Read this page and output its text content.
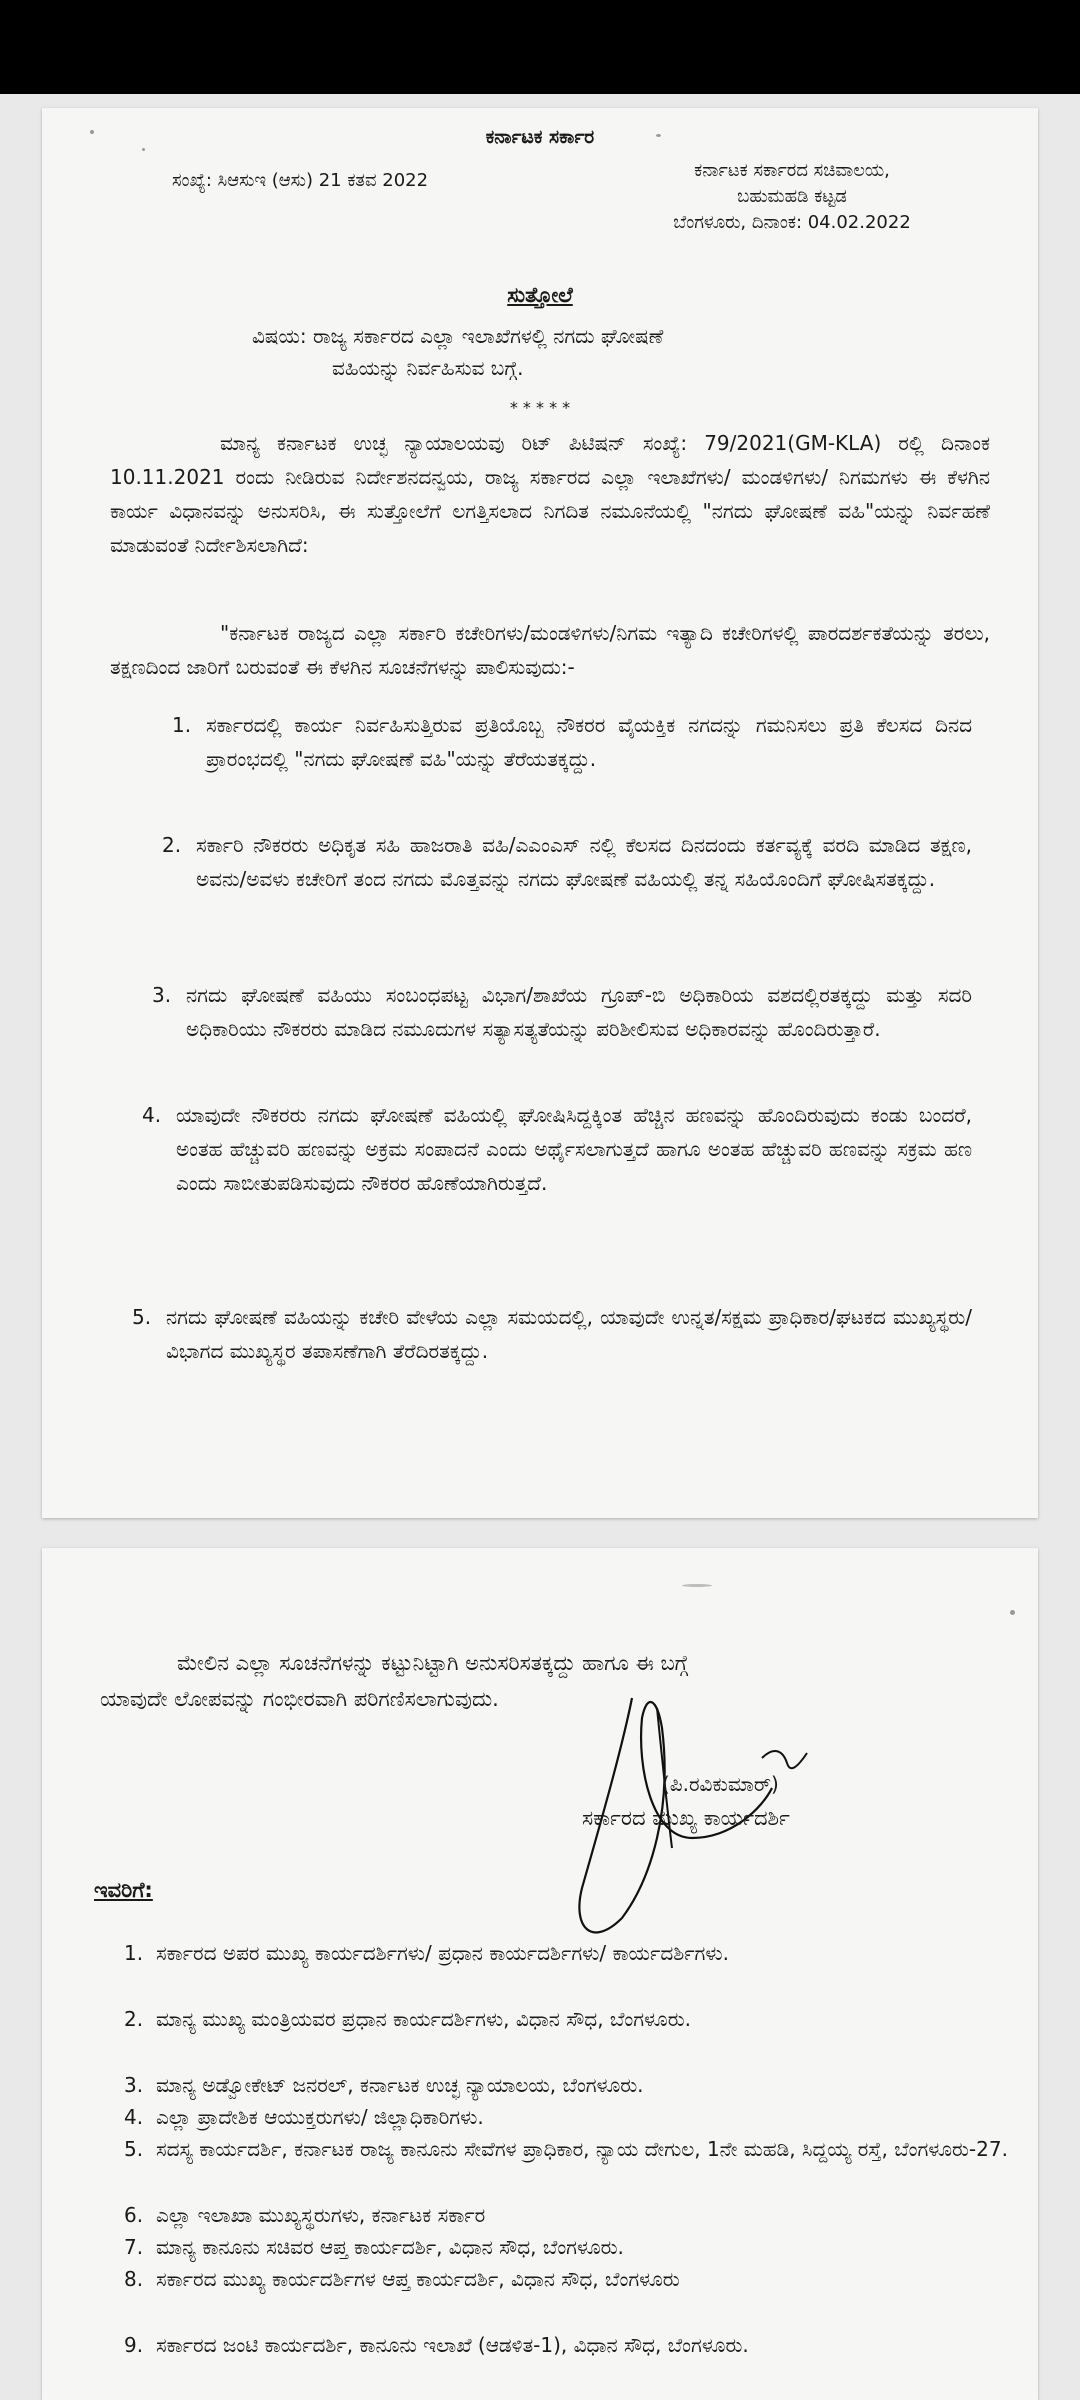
ಕರ್ನಾಟಕ ಸರ್ಕಾರ
ಸಂಖ್ಯೆ: ಸಿಆಸುಇ (ಆಸು) 21 ಕತವ 2022	ಕರ್ನಾಟಕ ಸರ್ಕಾರದ ಸಚಿವಾಲಯ,
ಬಹುಮಹಡಿ ಕಟ್ಟಡ
ಬೆಂಗಳೂರು, ದಿನಾಂಕ: 04.02.2022
ಸುತ್ತೋಲೆ
ವಿಷಯ: ರಾಜ್ಯ ಸರ್ಕಾರದ ಎಲ್ಲಾ ಇಲಾಖೆಗಳಲ್ಲಿ ನಗದು ಘೋಷಣೆ
ವಹಿಯನ್ನು ನಿರ್ವಹಿಸುವ ಬಗ್ಗೆ.
* * * * *
ಮಾನ್ಯ ಕರ್ನಾಟಕ ಉಚ್ಛ ನ್ಯಾಯಾಲಯವು ರಿಟ್ ಪಿಟಿಷನ್ ಸಂಖ್ಯೆ: 79/2021(GM-KLA) ರಲ್ಲಿ ದಿನಾಂಕ 10.11.2021 ರಂದು ನೀಡಿರುವ ನಿರ್ದೇಶನದನ್ವಯ, ರಾಜ್ಯ ಸರ್ಕಾರದ ಎಲ್ಲಾ ಇಲಾಖೆಗಳು/ ಮಂಡಳಿಗಳು/ ನಿಗಮಗಳು ಈ ಕೆಳಗಿನ ಕಾರ್ಯ ವಿಧಾನವನ್ನು ಅನುಸರಿಸಿ, ಈ ಸುತ್ತೋಲೆಗೆ ಲಗತ್ತಿಸಲಾದ ನಿಗದಿತ ನಮೂನೆಯಲ್ಲಿ "ನಗದು ಘೋಷಣೆ ವಹಿ"ಯನ್ನು ನಿರ್ವಹಣೆ ಮಾಡುವಂತೆ ನಿರ್ದೇಶಿಸಲಾಗಿದೆ:
"ಕರ್ನಾಟಕ ರಾಜ್ಯದ ಎಲ್ಲಾ ಸರ್ಕಾರಿ ಕಚೇರಿಗಳು/ಮಂಡಳಿಗಳು/ನಿಗಮ ಇತ್ಯಾದಿ ಕಚೇರಿಗಳಲ್ಲಿ ಪಾರದರ್ಶಕತೆಯನ್ನು ತರಲು, ತಕ್ಷಣದಿಂದ ಜಾರಿಗೆ ಬರುವಂತೆ ಈ ಕೆಳಗಿನ ಸೂಚನೆಗಳನ್ನು ಪಾಲಿಸುವುದು:-
1. ಸರ್ಕಾರದಲ್ಲಿ ಕಾರ್ಯ ನಿರ್ವಹಿಸುತ್ತಿರುವ ಪ್ರತಿಯೊಬ್ಬ ನೌಕರರ ವೈಯಕ್ತಿಕ ನಗದನ್ನು ಗಮನಿಸಲು ಪ್ರತಿ ಕೆಲಸದ ದಿನದ ಪ್ರಾರಂಭದಲ್ಲಿ "ನಗದು ಘೋಷಣೆ ವಹಿ"ಯನ್ನು ತೆರೆಯತಕ್ಕದ್ದು.
2. ಸರ್ಕಾರಿ ನೌಕರರು ಅಧಿಕೃತ ಸಹಿ ಹಾಜರಾತಿ ವಹಿ/ಎಎಂಎಸ್ ನಲ್ಲಿ ಕೆಲಸದ ದಿನದಂದು ಕರ್ತವ್ಯಕ್ಕೆ ವರದಿ ಮಾಡಿದ ತಕ್ಷಣ, ಅವನು/ಅವಳು ಕಚೇರಿಗೆ ತಂದ ನಗದು ಮೊತ್ತವನ್ನು ನಗದು ಘೋಷಣೆ ವಹಿಯಲ್ಲಿ ತನ್ನ ಸಹಿಯೊಂದಿಗೆ ಘೋಷಿಸತಕ್ಕದ್ದು.
3. ನಗದು ಘೋಷಣೆ ವಹಿಯು ಸಂಬಂಧಪಟ್ಟ ವಿಭಾಗ/ಶಾಖೆಯ ಗ್ರೂಪ್-ಬಿ ಅಧಿಕಾರಿಯ ವಶದಲ್ಲಿರತಕ್ಕದ್ದು ಮತ್ತು ಸದರಿ ಅಧಿಕಾರಿಯು ನೌಕರರು ಮಾಡಿದ ನಮೂದುಗಳ ಸತ್ಯಾಸತ್ಯತೆಯನ್ನು ಪರಿಶೀಲಿಸುವ ಅಧಿಕಾರವನ್ನು ಹೊಂದಿರುತ್ತಾರೆ.
4. ಯಾವುದೇ ನೌಕರರು ನಗದು ಘೋಷಣೆ ವಹಿಯಲ್ಲಿ ಘೋಷಿಸಿದ್ದಕ್ಕಿಂತ ಹೆಚ್ಚಿನ ಹಣವನ್ನು ಹೊಂದಿರುವುದು ಕಂಡು ಬಂದರೆ, ಅಂತಹ ಹೆಚ್ಚುವರಿ ಹಣವನ್ನು ಅಕ್ರಮ ಸಂಪಾದನೆ ಎಂದು ಅರ್ಥೈಸಲಾಗುತ್ತದೆ ಹಾಗೂ ಅಂತಹ ಹೆಚ್ಚುವರಿ ಹಣವನ್ನು ಸಕ್ರಮ ಹಣ ಎಂದು ಸಾಬೀತುಪಡಿಸುವುದು ನೌಕರರ ಹೊಣೆಯಾಗಿರುತ್ತದೆ.
5. ನಗದು ಘೋಷಣೆ ವಹಿಯನ್ನು ಕಚೇರಿ ವೇಳೆಯ ಎಲ್ಲಾ ಸಮಯದಲ್ಲಿ, ಯಾವುದೇ ಉನ್ನತ/ಸಕ್ಷಮ ಪ್ರಾಧಿಕಾರ/ಘಟಕದ ಮುಖ್ಯಸ್ಥರು/ ವಿಭಾಗದ ಮುಖ್ಯಸ್ಥರ ತಪಾಸಣೆಗಾಗಿ ತೆರೆದಿರತಕ್ಕದ್ದು.
ಮೇಲಿನ ಎಲ್ಲಾ ಸೂಚನೆಗಳನ್ನು ಕಟ್ಟುನಿಟ್ಟಾಗಿ ಅನುಸರಿಸತಕ್ಕದ್ದು ಹಾಗೂ ಈ ಬಗ್ಗೆ
ಯಾವುದೇ ಲೋಪವನ್ನು ಗಂಭೀರವಾಗಿ ಪರಿಗಣಿಸಲಾಗುವುದು.
(ಪಿ.ರವಿಕುಮಾರ್)
ಸರ್ಕಾರದ ಮುಖ್ಯ ಕಾರ್ಯದರ್ಶಿ
ಇವರಿಗೆ:
1. ಸರ್ಕಾರದ ಅಪರ ಮುಖ್ಯ ಕಾರ್ಯದರ್ಶಿಗಳು/ ಪ್ರಧಾನ ಕಾರ್ಯದರ್ಶಿಗಳು/ ಕಾರ್ಯದರ್ಶಿಗಳು.
2. ಮಾನ್ಯ ಮುಖ್ಯ ಮಂತ್ರಿಯವರ ಪ್ರಧಾನ ಕಾರ್ಯದರ್ಶಿಗಳು, ವಿಧಾನ ಸೌಧ, ಬೆಂಗಳೂರು.
3. ಮಾನ್ಯ ಅಡ್ವೋಕೇಟ್ ಜನರಲ್, ಕರ್ನಾಟಕ ಉಚ್ಛ ನ್ಯಾಯಾಲಯ, ಬೆಂಗಳೂರು.
4. ಎಲ್ಲಾ ಪ್ರಾದೇಶಿಕ ಆಯುಕ್ತರುಗಳು/ ಜಿಲ್ಲಾಧಿಕಾರಿಗಳು.
5. ಸದಸ್ಯ ಕಾರ್ಯದರ್ಶಿ, ಕರ್ನಾಟಕ ರಾಜ್ಯ ಕಾನೂನು ಸೇವೆಗಳ ಪ್ರಾಧಿಕಾರ, ನ್ಯಾಯ ದೇಗುಲ, 1ನೇ ಮಹಡಿ, ಸಿದ್ದಯ್ಯ ರಸ್ತೆ, ಬೆಂಗಳೂರು-27.
6. ಎಲ್ಲಾ ಇಲಾಖಾ ಮುಖ್ಯಸ್ಥರುಗಳು, ಕರ್ನಾಟಕ ಸರ್ಕಾರ
7. ಮಾನ್ಯ ಕಾನೂನು ಸಚಿವರ ಆಪ್ತ ಕಾರ್ಯದರ್ಶಿ, ವಿಧಾನ ಸೌಧ, ಬೆಂಗಳೂರು.
8. ಸರ್ಕಾರದ ಮುಖ್ಯ ಕಾರ್ಯದರ್ಶಿಗಳ ಆಪ್ತ ಕಾರ್ಯದರ್ಶಿ, ವಿಧಾನ ಸೌಧ, ಬೆಂಗಳೂರು
9. ಸರ್ಕಾರದ ಜಂಟಿ ಕಾರ್ಯದರ್ಶಿ, ಕಾನೂನು ಇಲಾಖೆ (ಆಡಳಿತ-1), ವಿಧಾನ ಸೌಧ, ಬೆಂಗಳೂರು.
